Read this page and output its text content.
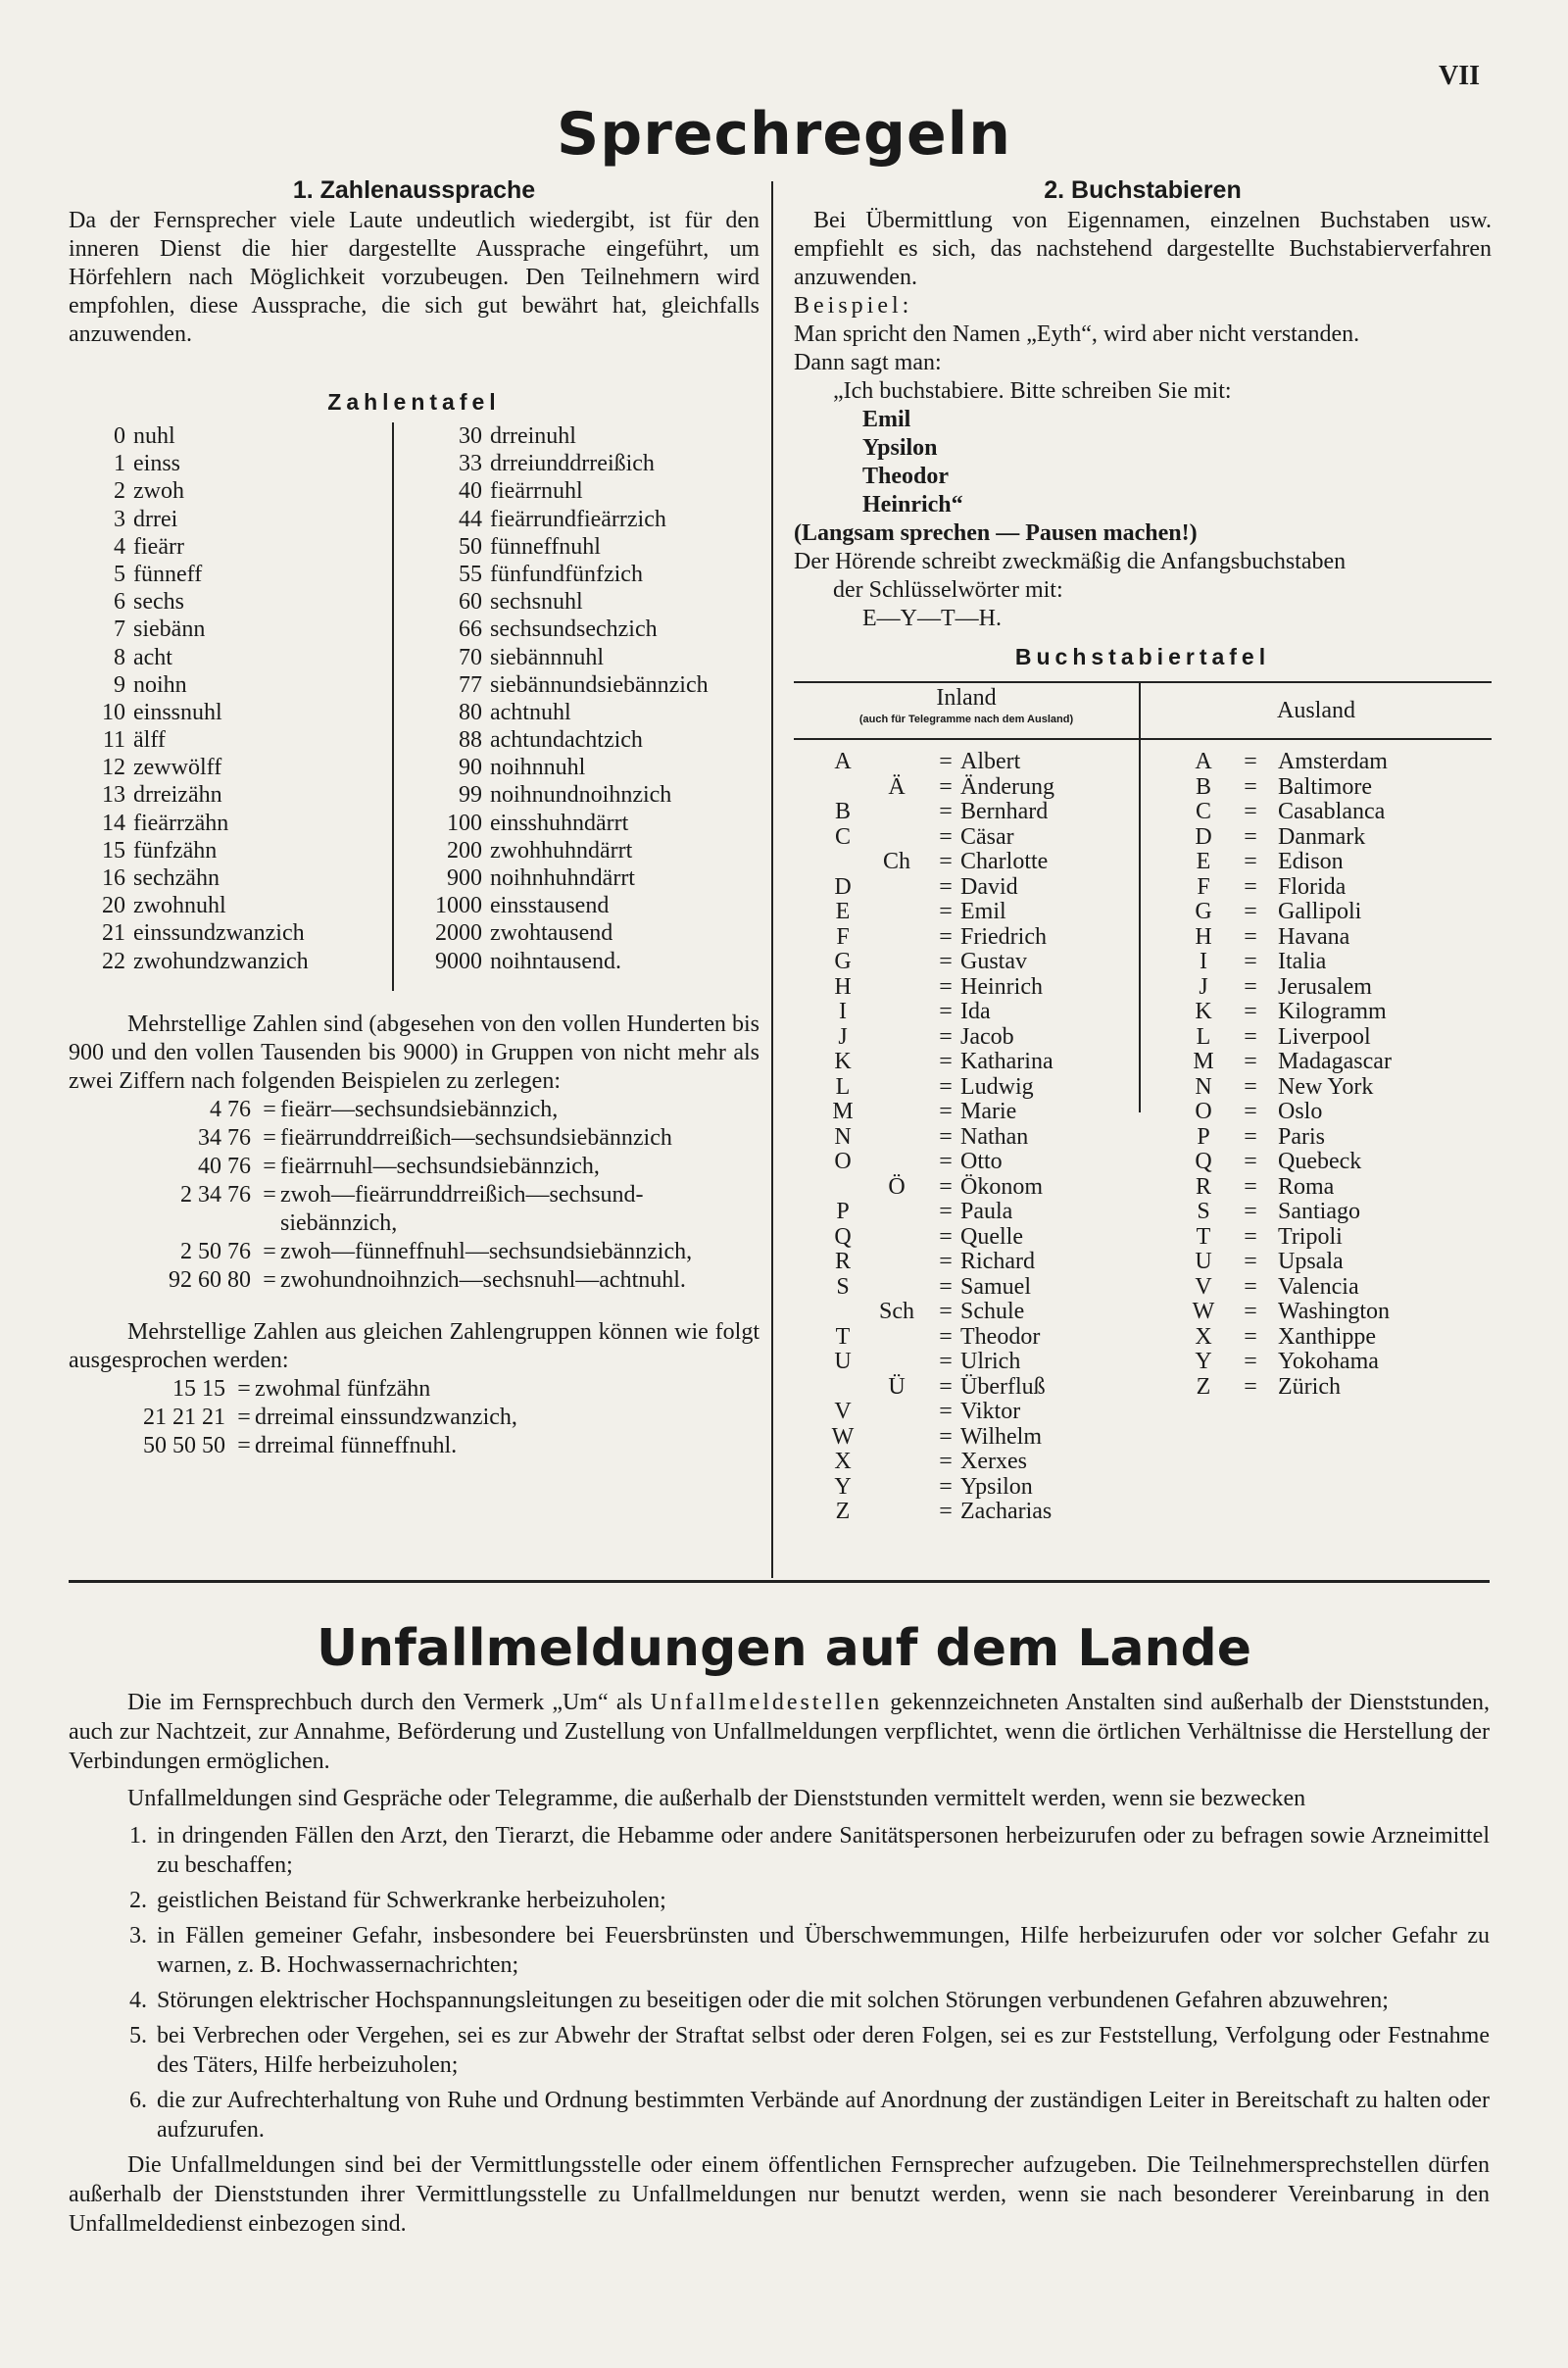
VII
Sprechregeln
1. Zahlenaussprache

Da der Fernsprecher viele Laute undeutlich wiedergibt, ist für den inneren Dienst die hier dargestellte Aussprache eingeführt, um Hörfehlern nach Möglichkeit vorzubeugen. Den Teilnehmern wird empfohlen, diese Aussprache, die sich gut bewährt hat, gleichfalls anzuwenden.

Zahlentafel
0 nuhl
1 einss
2 zwoh
3 drrei
4 fieärr
5 fünneff
6 sechs
7 siebänn
8 acht
9 noihn
10 einssnuhl
11 älff
12 zewwölff
13 drreizähn
14 fieärrzähn
15 fünfzähn
16 sechzähn
20 zwohnuhl
21 einssundzwanzich
22 zwohundzwanzich
30 drreinuhl
33 drreiunddrreißich
40 fieärrnuhl
44 fieärrundfieärrzich
50 fünneffnuhl
55 fünfundfünfzich
60 sechsnuhl
66 sechsundsechzich
70 siebännnuhl
77 siebännundsiebännzich
80 achtnuhl
88 achtundachtzich
90 noihnnuhl
99 noihnundnoihnzich
100 einsshuhndärrt
200 zwohhuhndärrt
900 noihnhuhndärrt
1000 einsstausend
2000 zwohtausend
9000 noihntausend.

Mehrstellige Zahlen sind (abgesehen von den vollen Hunderten bis 900 und den vollen Tausenden bis 9000) in Gruppen von nicht mehr als zwei Ziffern nach folgenden Beispielen zu zerlegen:

4 76 = fieärr—sechsundsiebännzich,
34 76 = fieärrunddrreißich—sechsundsiebännzich
40 76 = fieärrnuhl—sechsundsiebännzich,
2 34 76 = zwoh—fieärrunddrreißich—sechsund-
siebännzich,
2 50 76 = zwoh—fünneffnuhl—sechsundsiebännzich,
92 60 80 = zwohundnoihnzich—sechsnuhl—achtnuhl.

Mehrstellige Zahlen aus gleichen Zahlengruppen können wie folgt ausgesprochen werden:

15 15 = zwohmal fünfzähn
21 21 21 = drreimal einssundzwanzich,
50 50 50 = drreimal fünneffnuhl.
2. Buchstabieren

Bei Übermittlung von Eigennamen, einzelnen Buchstaben usw. empfiehlt es sich, das nachstehend dargestellte Buchstabierverfahren anzuwenden.

Beispiel:
Man spricht den Namen „Eyth“, wird aber nicht verstanden.
Dann sagt man:
„Ich buchstabiere. Bitte schreiben Sie mit:
Emil
Ypsilon
Theodor
Heinrich“
(Langsam sprechen — Pausen machen!)
Der Hörende schreibt zweckmäßig die Anfangsbuchstaben
der Schlüsselwörter mit:
E—Y—T—H.
Buchstabiertafel
Inland
(auch für Telegramme nach dem Ausland)	Ausland
A	= Albert
Ä	= Änderung
B	= Bernhard
C	= Cäsar
Ch	= Charlotte
D	= David
E	= Emil
F	= Friedrich
G	= Gustav
H	= Heinrich
I	= Ida
J	= Jacob
K	= Katharina
L	= Ludwig
M	= Marie
N	= Nathan
O	= Otto
Ö	= Ökonom
P	= Paula
Q	= Quelle
R	= Richard
S	= Samuel
Sch	= Schule
T	= Theodor
U	= Ulrich
Ü	= Überfluß
V	= Viktor
W	= Wilhelm
X	= Xerxes
Y	= Ypsilon
Z	= Zacharias
A	= Amsterdam
B	= Baltimore
C	= Casablanca
D	= Danmark
E	= Edison
F	= Florida
G	= Gallipoli
H	= Havana
I	= Italia
J	= Jerusalem
K	= Kilogramm
L	= Liverpool
M	= Madagascar
N	= New York
O	= Oslo
P	= Paris
Q	= Quebeck
R	= Roma
S	= Santiago
T	= Tripoli
U	= Upsala
V	= Valencia
W	= Washington
X	= Xanthippe
Y	= Yokohama
Z	= Zürich
Unfallmeldungen auf dem Lande

Die im Fernsprechbuch durch den Vermerk „Um“ als Unfallmeldestellen gekennzeichneten Anstalten sind außerhalb der Dienststunden, auch zur Nachtzeit, zur Annahme, Beförderung und Zustellung von Unfallmeldungen verpflichtet, wenn die örtlichen Verhältnisse die Herstellung der Verbindungen ermöglichen.

Unfallmeldungen sind Gespräche oder Telegramme, die außerhalb der Dienststunden vermittelt werden, wenn sie bezwecken

1. in dringenden Fällen den Arzt, den Tierarzt, die Hebamme oder andere Sanitätspersonen herbeizurufen oder zu befragen sowie Arzneimittel zu beschaffen;
2. geistlichen Beistand für Schwerkranke herbeizuholen;
3. in Fällen gemeiner Gefahr, insbesondere bei Feuersbrünsten und Überschwemmungen, Hilfe herbeizurufen oder vor solcher Gefahr zu warnen, z. B. Hochwassernachrichten;
4. Störungen elektrischer Hochspannungsleitungen zu beseitigen oder die mit solchen Störungen verbundenen Gefahren abzuwehren;
5. bei Verbrechen oder Vergehen, sei es zur Abwehr der Straftat selbst oder deren Folgen, sei es zur Feststellung, Verfolgung oder Festnahme des Täters, Hilfe herbeizuholen;
6. die zur Aufrechterhaltung von Ruhe und Ordnung bestimmten Verbände auf Anordnung der zuständigen Leiter in Bereitschaft zu halten oder aufzurufen.

Die Unfallmeldungen sind bei der Vermittlungsstelle oder einem öffentlichen Fernsprecher aufzugeben. Die Teilnehmersprechstellen dürfen außerhalb der Dienststunden ihrer Vermittlungsstelle zu Unfallmeldungen nur benutzt werden, wenn sie nach besonderer Vereinbarung in den Unfallmeldedienst einbezogen sind.
